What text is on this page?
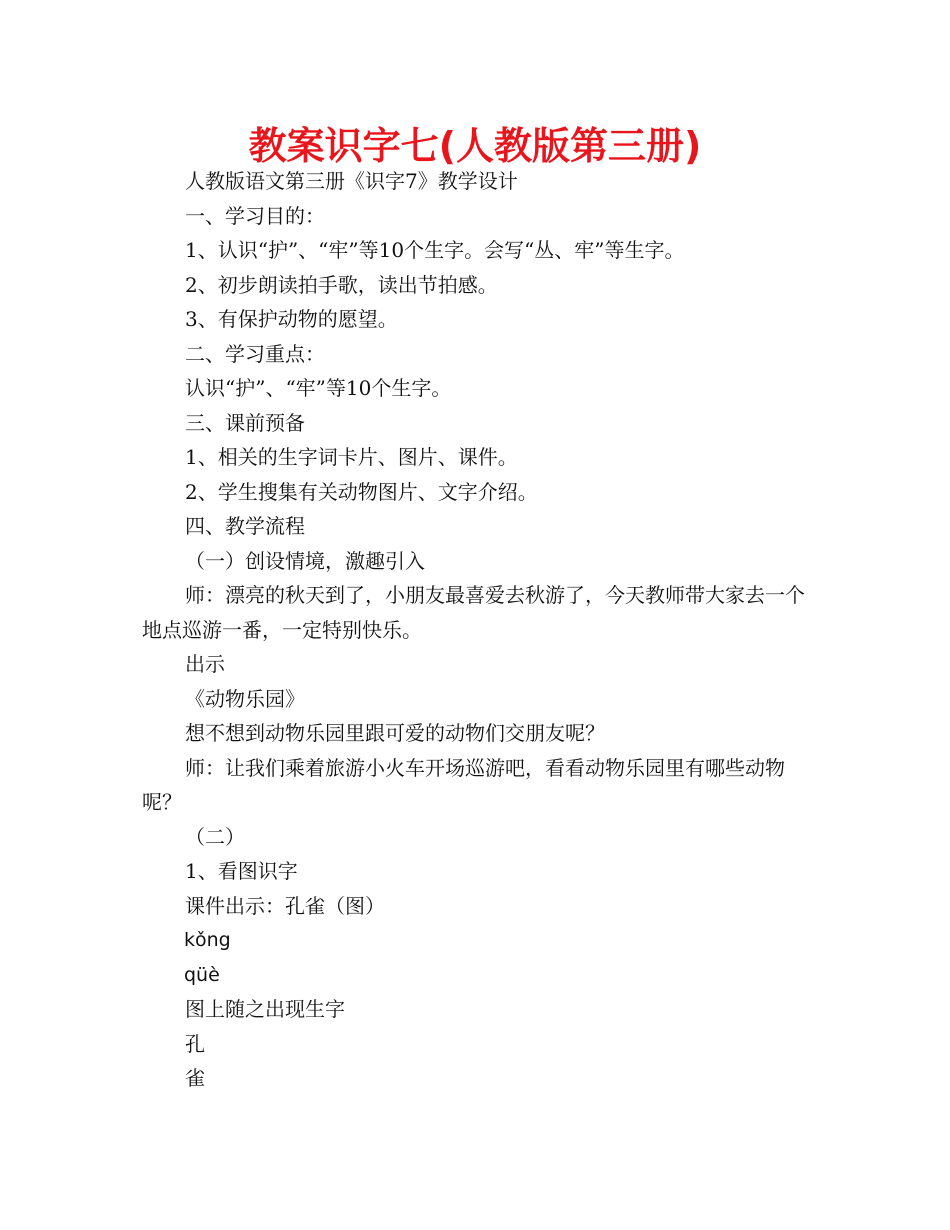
教案识字七(人教版第三册)

人教版语文第三册《识字7》教学设计

一、学习目的：

1、认识“护”、“牢”等10个生字。会写“丛、牢”等生字。

2、初步朗读拍手歌，读出节拍感。

3、有保护动物的愿望。

二、学习重点：

认识“护”、“牢”等10个生字。

三、课前预备

1、相关的生字词卡片、图片、课件。

2、学生搜集有关动物图片、文字介绍。

四、教学流程

（一）创设情境，激趣引入

师：漂亮的秋天到了，小朋友最喜爱去秋游了，今天教师带大家去一个地点巡游一番，一定特别快乐。

出示

《动物乐园》

想不想到动物乐园里跟可爱的动物们交朋友呢？

师：让我们乘着旅游小火车开场巡游吧，看看动物乐园里有哪些动物呢？

（二）

1、看图识字

课件出示：孔雀（图）

kǒng

qüè

图上随之出现生字

孔

雀
